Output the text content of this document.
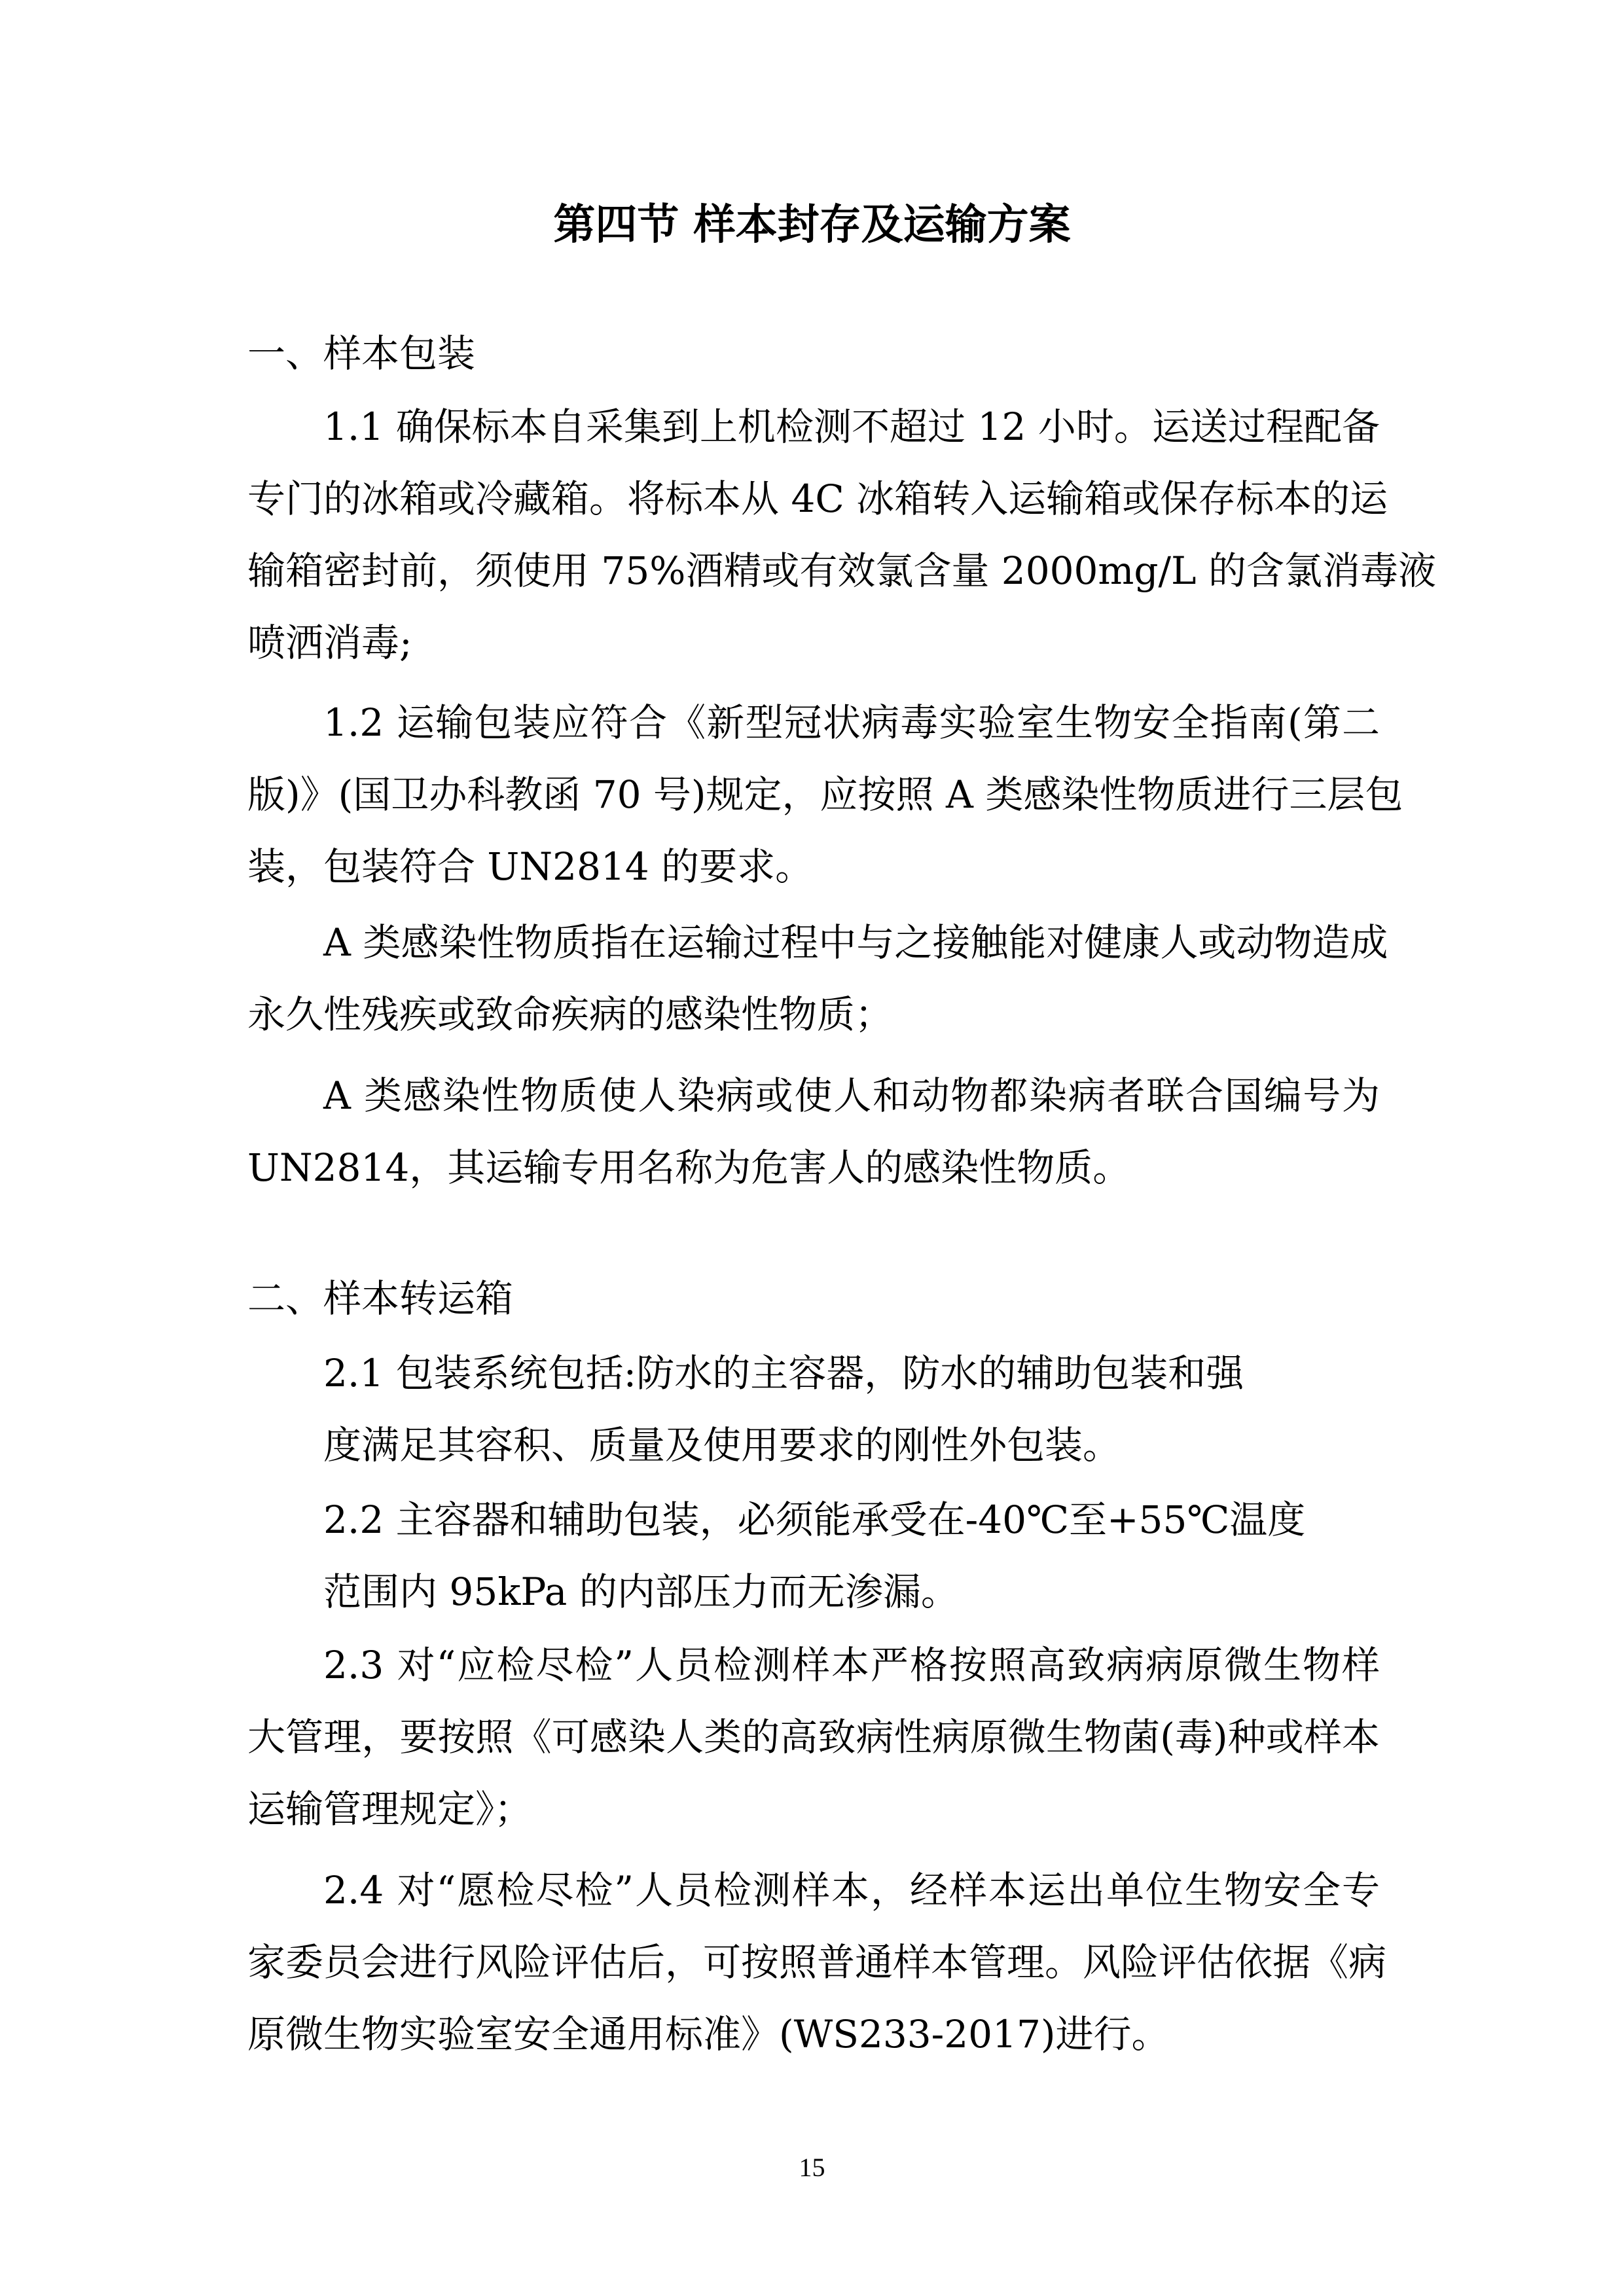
第四节 样本封存及运输方案

一、样本包装

1.1 确保标本自采集到上机检测不超过 12 小时。运送过程配备

专门的冰箱或冷藏箱。将标本从 4C 冰箱转入运输箱或保存标本的运

输箱密封前，须使用 75%酒精或有效氯含量 2000mg/L 的含氯消毒液

喷洒消毒;

1.2 运输包装应符合《新型冠状病毒实验室生物安全指南(第二

版)》(国卫办科教函 70 号)规定，应按照 A 类感染性物质进行三层包

装，包装符合 UN2814 的要求。

A 类感染性物质指在运输过程中与之接触能对健康人或动物造成

永久性残疾或致命疾病的感染性物质；

A 类感染性物质使人染病或使人和动物都染病者联合国编号为

UN2814，其运输专用名称为危害人的感染性物质。

二、样本转运箱

2.1 包装系统包括:防水的主容器，防水的辅助包装和强

度满足其容积、质量及使用要求的刚性外包装。

2.2 主容器和辅助包装，必须能承受在-40℃至+55℃温度

范围内 95kPa 的内部压力而无渗漏。

2.3 对“应检尽检”人员检测样本严格按照高致病病原微生物样

大管理，要按照《可感染人类的高致病性病原微生物菌(毒)种或样本

运输管理规定》；

2.4 对“愿检尽检”人员检测样本，经样本运出单位生物安全专

家委员会进行风险评估后，可按照普通样本管理。风险评估依据《病

原微生物实验室安全通用标准》(WS233-2017)进行。

15
